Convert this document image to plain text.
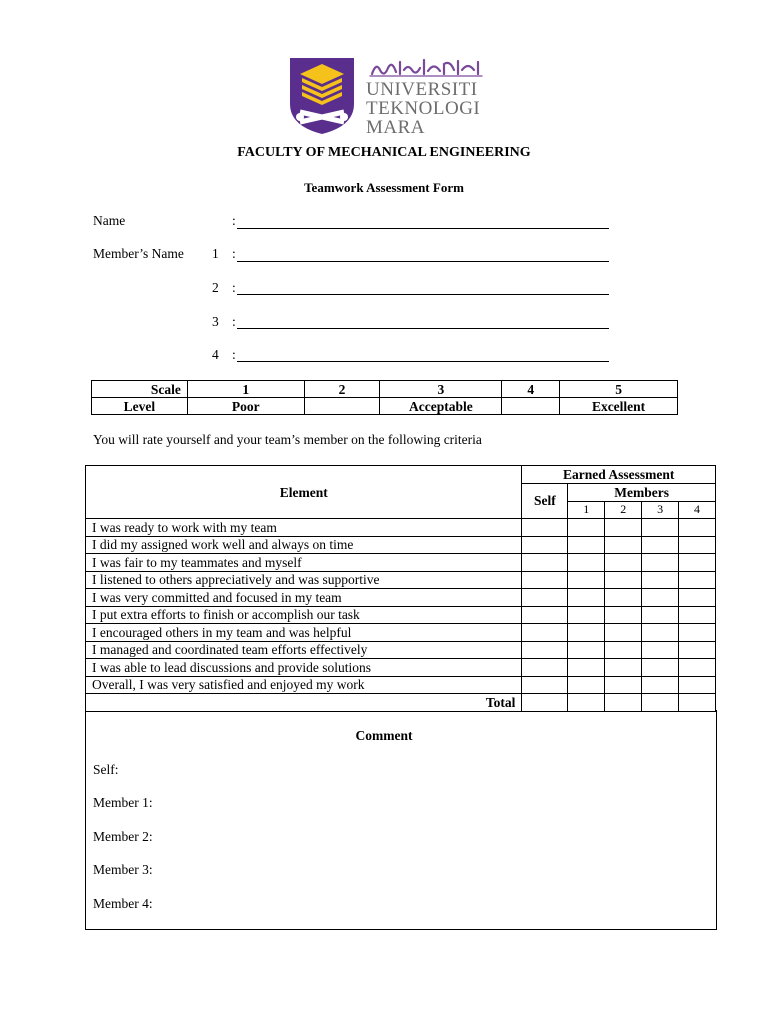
UNIVERSITI
TEKNOLOGI
MARA
FACULTY OF MECHANICAL ENGINEERING
Teamwork Assessment Form
Name	:
Member’s Name 1 :
2 :
3 :
4 :
Scale	1	2	3	4	5
Level	Poor		Acceptable		Excellent
You will rate yourself and your team’s member on the following criteria
Element	Earned Assessment				
	Self	Members			
		1	2	3	4
I was ready to work with my team					
I did my assigned work well and always on time					
I was fair to my teammates and myself					
I listened to others appreciatively and was supportive					
I was very committed and focused in my team					
I put extra efforts to finish or accomplish our task					
I encouraged others in my team and was helpful					
I managed and coordinated team efforts effectively					
I was able to lead discussions and provide solutions					
Overall, I was very satisfied and enjoyed my work					
Total					
Comment
Self:
Member 1:
Member 2:
Member 3:
Member 4:
